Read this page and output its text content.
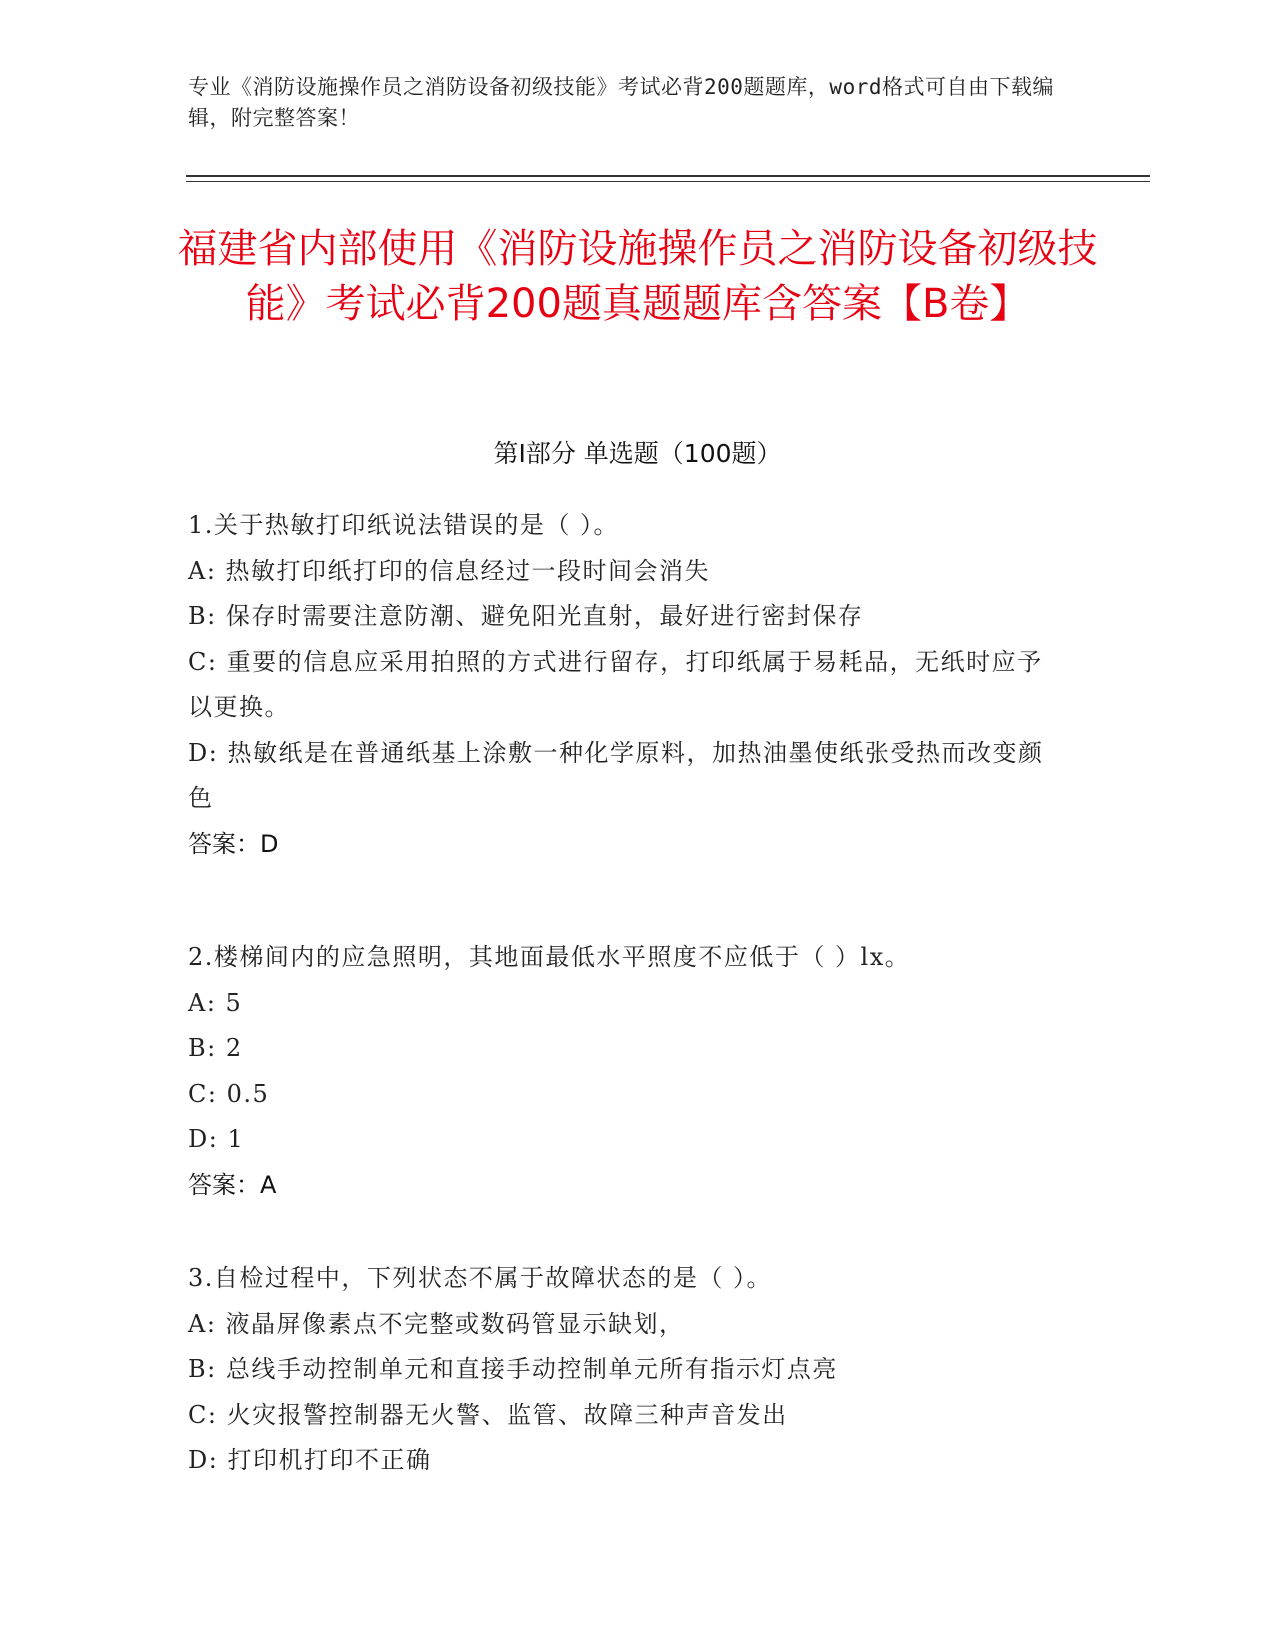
专业《消防设施操作员之消防设备初级技能》考试必背200题题库，word格式可自由下载编辑，附完整答案！
福建省内部使用《消防设施操作员之消防设备初级技能》考试必背200题真题题库含答案【B卷】
第I部分 单选题（100题）
1.关于热敏打印纸说法错误的是（ ）。
A: 热敏打印纸打印的信息经过一段时间会消失
B: 保存时需要注意防潮、避免阳光直射，最好进行密封保存
C: 重要的信息应采用拍照的方式进行留存，打印纸属于易耗品，无纸时应予以更换。
D: 热敏纸是在普通纸基上涂敷一种化学原料，加热油墨使纸张受热而改变颜色
答案：D
2.楼梯间内的应急照明，其地面最低水平照度不应低于（ ）lx。
A: 5
B: 2
C: 0.5
D: 1
答案：A
3.自检过程中，下列状态不属于故障状态的是（ ）。
A: 液晶屏像素点不完整或数码管显示缺划，
B: 总线手动控制单元和直接手动控制单元所有指示灯点亮
C: 火灾报警控制器无火警、监管、故障三种声音发出
D: 打印机打印不正确
